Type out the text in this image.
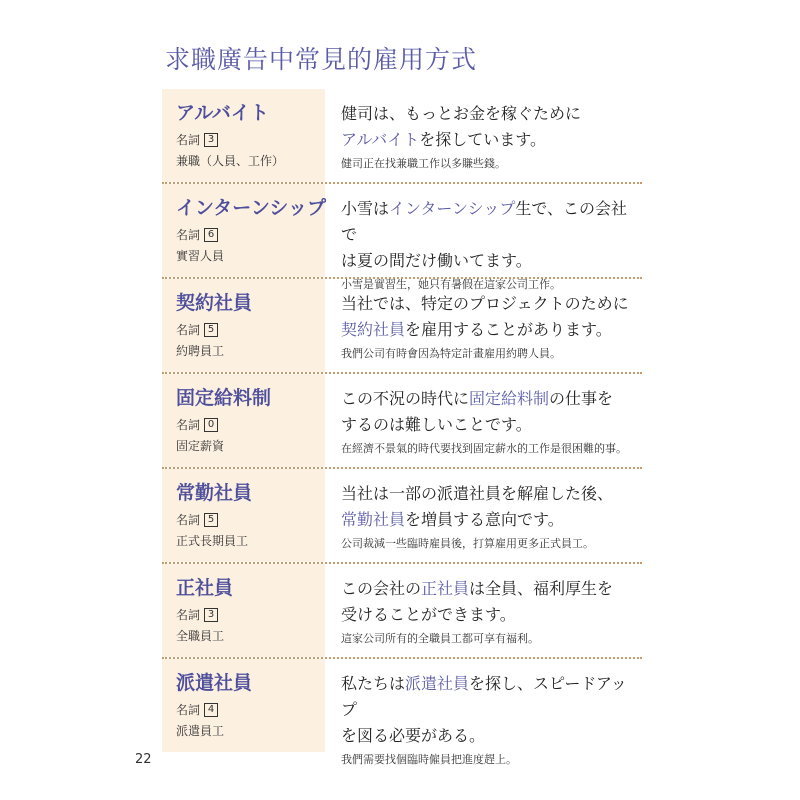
求職廣告中常見的雇用方式
アルバイト
名詞 3
兼職（人員、工作）
健司は、もっとお金を稼ぐために
アルバイトを探しています。
健司正在找兼職工作以多賺些錢。
インターンシップ
名詞 6
實習人員
小雪はインターンシップ生で、この会社で
は夏の間だけ働いてます。
小雪是實習生，她只有暑假在這家公司工作。
契約社員
名詞 5
約聘員工
当社では、特定のプロジェクトのために
契約社員を雇用することがあります。
我們公司有時會因為特定計畫雇用約聘人員。
固定給料制
名詞 0
固定薪資
この不況の時代に固定給料制の仕事を
するのは難しいことです。
在經濟不景氣的時代要找到固定薪水的工作是很困難的事。
常勤社員
名詞 5
正式長期員工
当社は一部の派遣社員を解雇した後、
常勤社員を増員する意向です。
公司裁減一些臨時雇員後，打算雇用更多正式員工。
正社員
名詞 3
全職員工
この会社の正社員は全員、福利厚生を
受けることができます。
這家公司所有的全職員工都可享有福利。
派遣社員
名詞 4
派遣員工
私たちは派遣社員を探し、スピードアップ
を図る必要がある。
我們需要找個臨時僱員把進度趕上。
22
